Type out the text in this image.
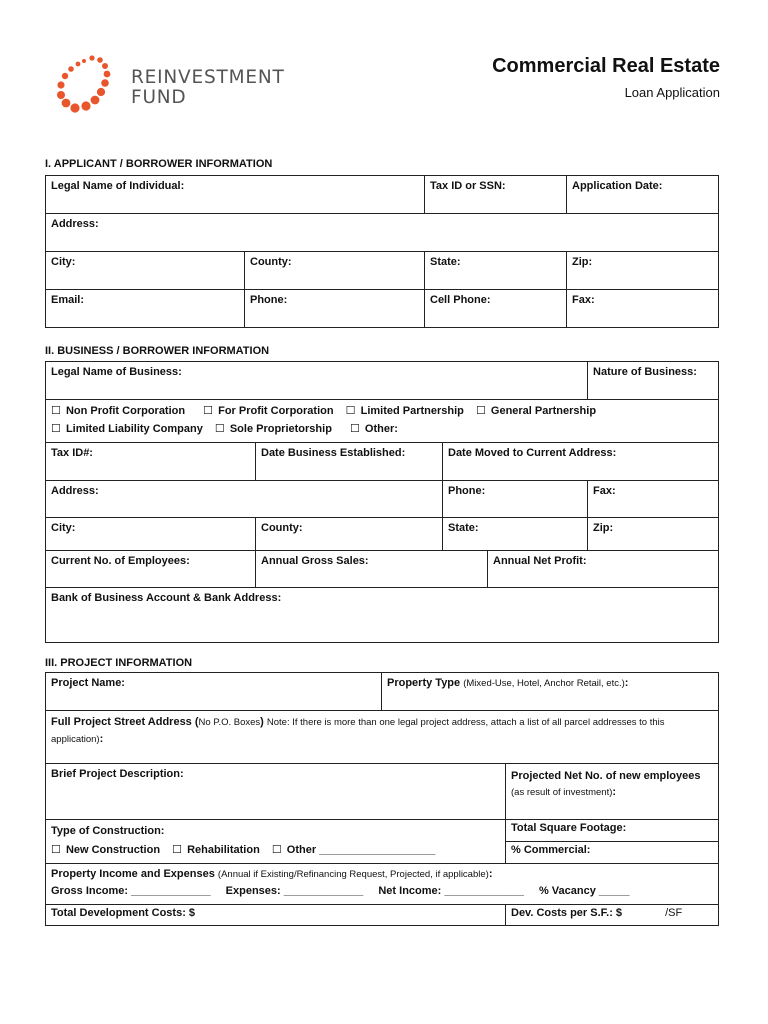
REINVESTMENT
FUND
Commercial Real Estate
Loan Application
I. APPLICANT / BORROWER INFORMATION
Legal Name of Individual:		Tax ID or SSN:	Application Date:
Address:			
City:	County:	State:	Zip:
Email:	Phone:	Cell Phone:	Fax:
II. BUSINESS / BORROWER INFORMATION
Legal Name of Business:				Nature of Business:

☐ Non Profit Corporation ☐ For Profit Corporation ☐ Limited Partnership ☐ General Partnership
☐ Limited Liability Company ☐ Sole Proprietorship ☐ Other:				

Tax ID#:	Date Business Established:	Date Moved to Current Address:		
Address:		Phone:		Fax:
City:	County:	State:		Zip:
Current No. of Employees:	Annual Gross Sales:		Annual Net Profit:	
Bank of Business Account & Bank Address:				
III. PROJECT INFORMATION
Project Name:	Property Type (Mixed-Use, Hotel, Anchor Retail, etc.):	
Full Project Street Address (No P.O. Boxes) Note: If there is more than one legal project address, attach a list of all parcel addresses to this application):		
Brief Project Description:		Projected Net No. of new employees
(as result of investment):

Type of Construction:
☐ New Construction ☐ Rehabilitation ☐ Other ___________________		Total Square Footage:
		% Commercial:

Property Income and Expenses (Annual if Existing/Refinancing Request, Projected, if applicable):
Gross Income: _____________ Expenses: _____________ Net Income: _____________ % Vacancy _____		

Total Development Costs: $		Dev. Costs per S.F.: $ /SF
